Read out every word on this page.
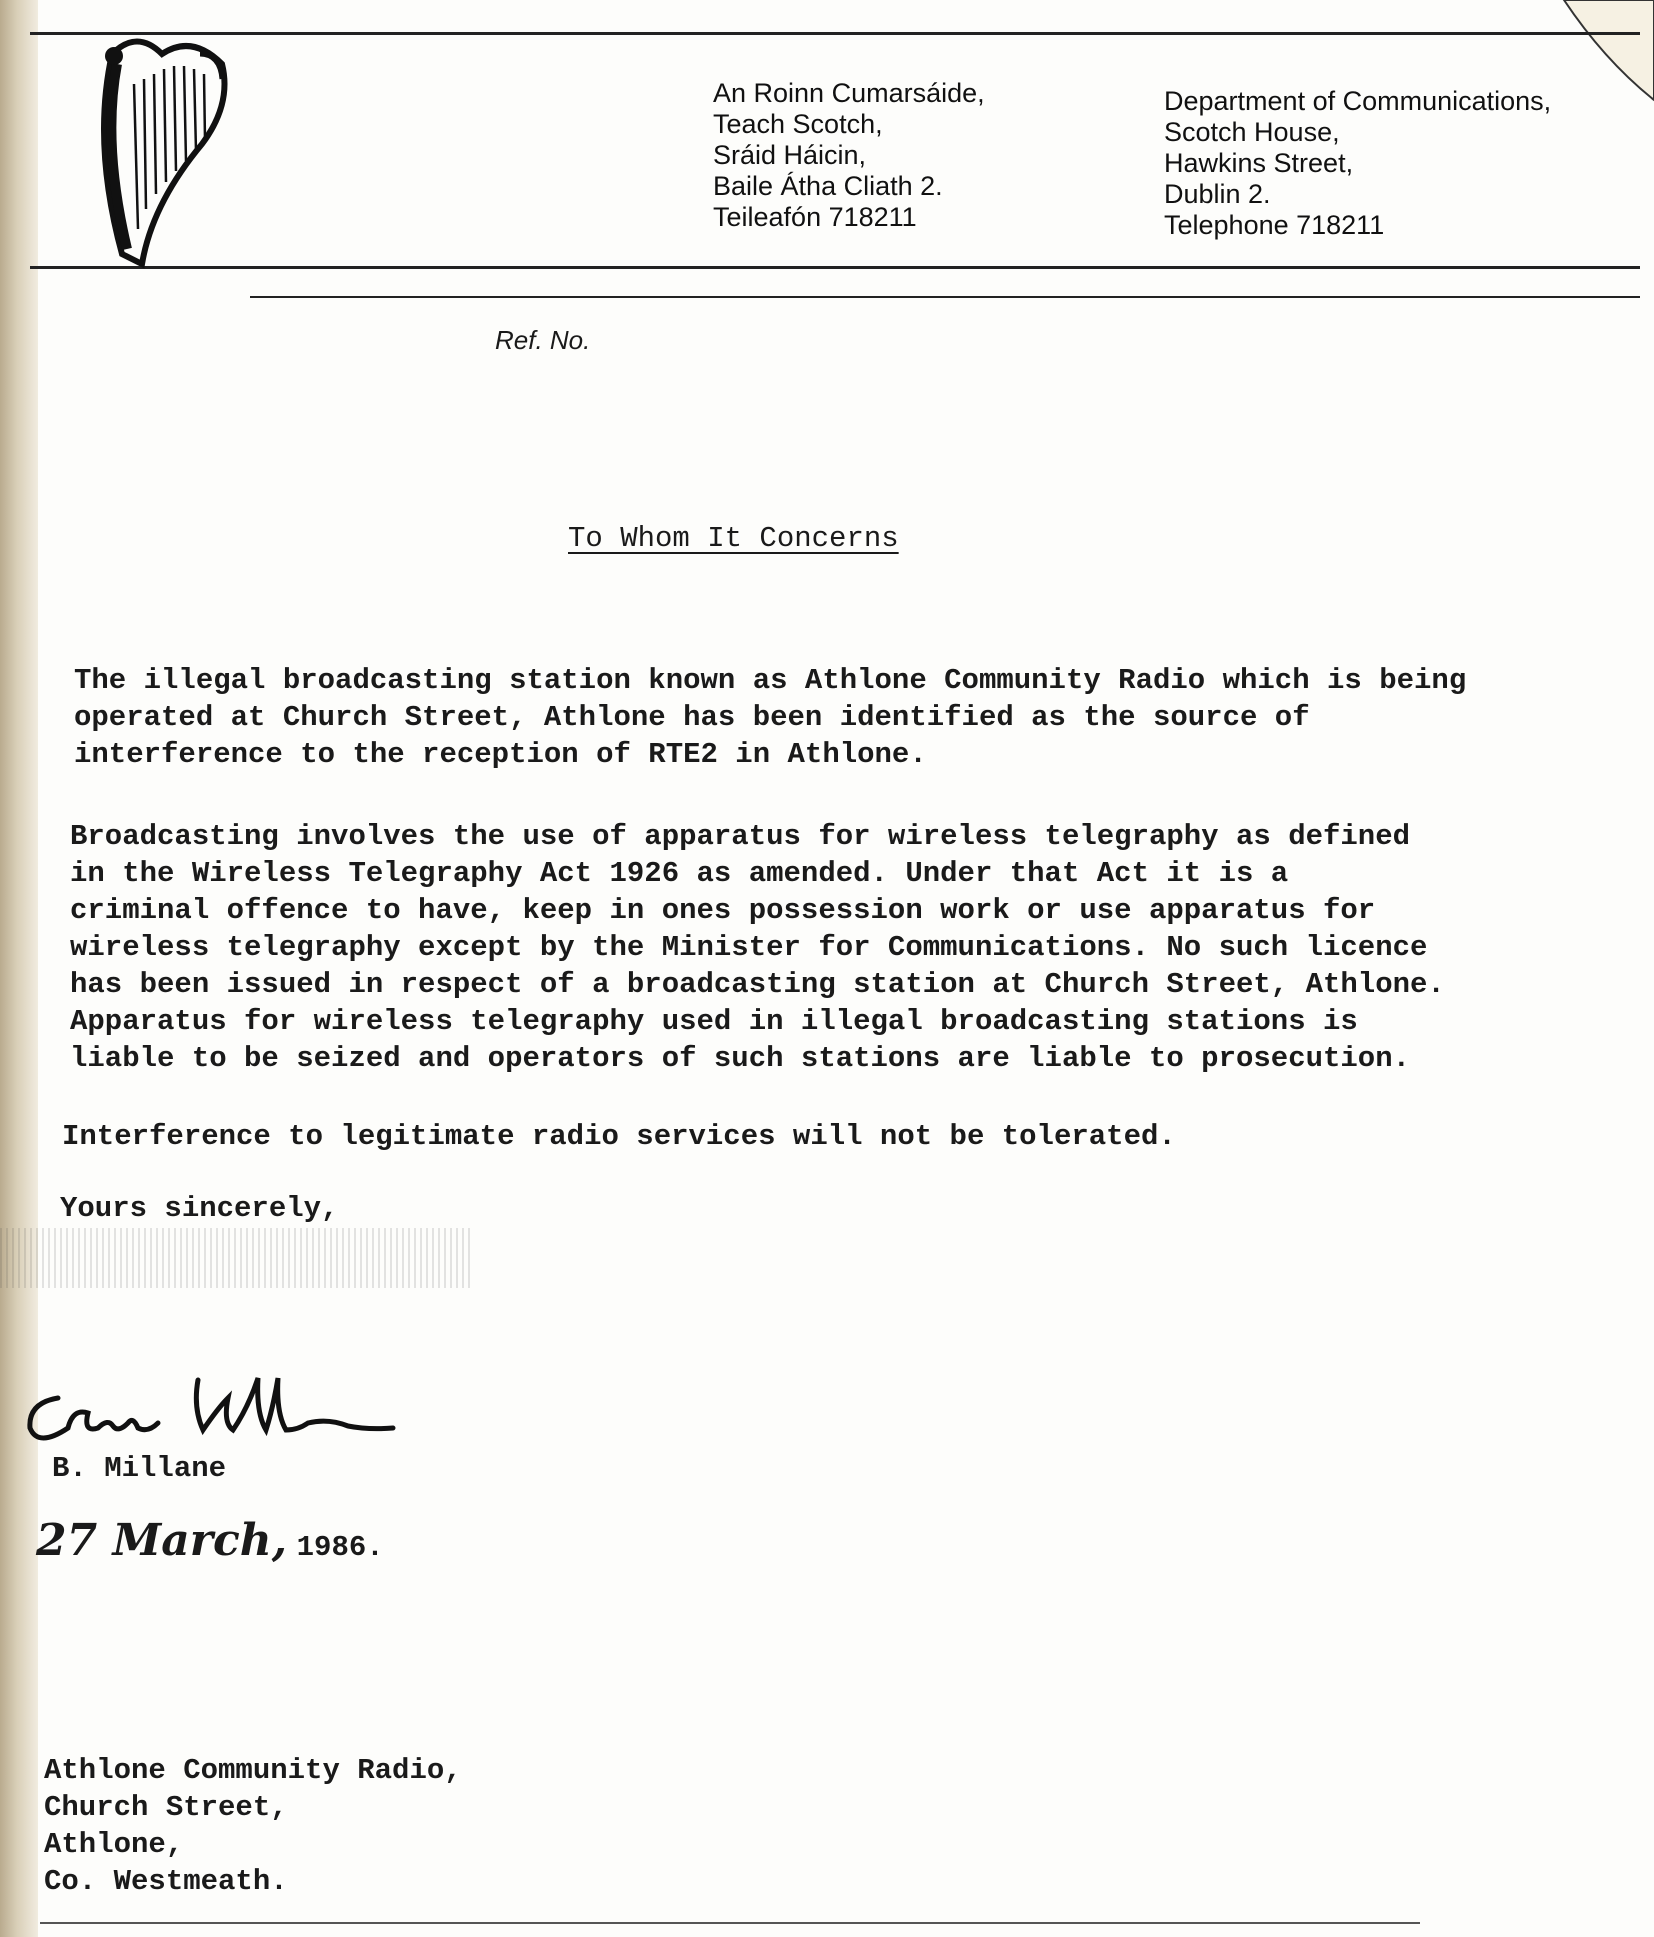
An Roinn Cumarsáide,
Teach Scotch,
Sráid Háicin,
Baile Átha Cliath 2.
Teileafón 718211
Department of Communications,
Scotch House,
Hawkins Street,
Dublin 2.
Telephone 718211
Ref. No.
To Whom It Concerns
The illegal broadcasting station known as Athlone Community Radio which is being
operated at Church Street, Athlone has been identified as the source of
interference to the reception of RTE2 in Athlone.
Broadcasting involves the use of apparatus for wireless telegraphy as defined
in the Wireless Telegraphy Act 1926 as amended. Under that Act it is a
criminal offence to have, keep in ones possession work or use apparatus for
wireless telegraphy except by the Minister for Communications. No such licence
has been issued in respect of a broadcasting station at Church Street, Athlone.
Apparatus for wireless telegraphy used in illegal broadcasting stations is
liable to be seized and operators of such stations are liable to prosecution.
Interference to legitimate radio services will not be tolerated.
Yours sincerely,
B. Millane
27 March, 1986.
Athlone Community Radio,
Church Street,
Athlone,
Co. Westmeath.
